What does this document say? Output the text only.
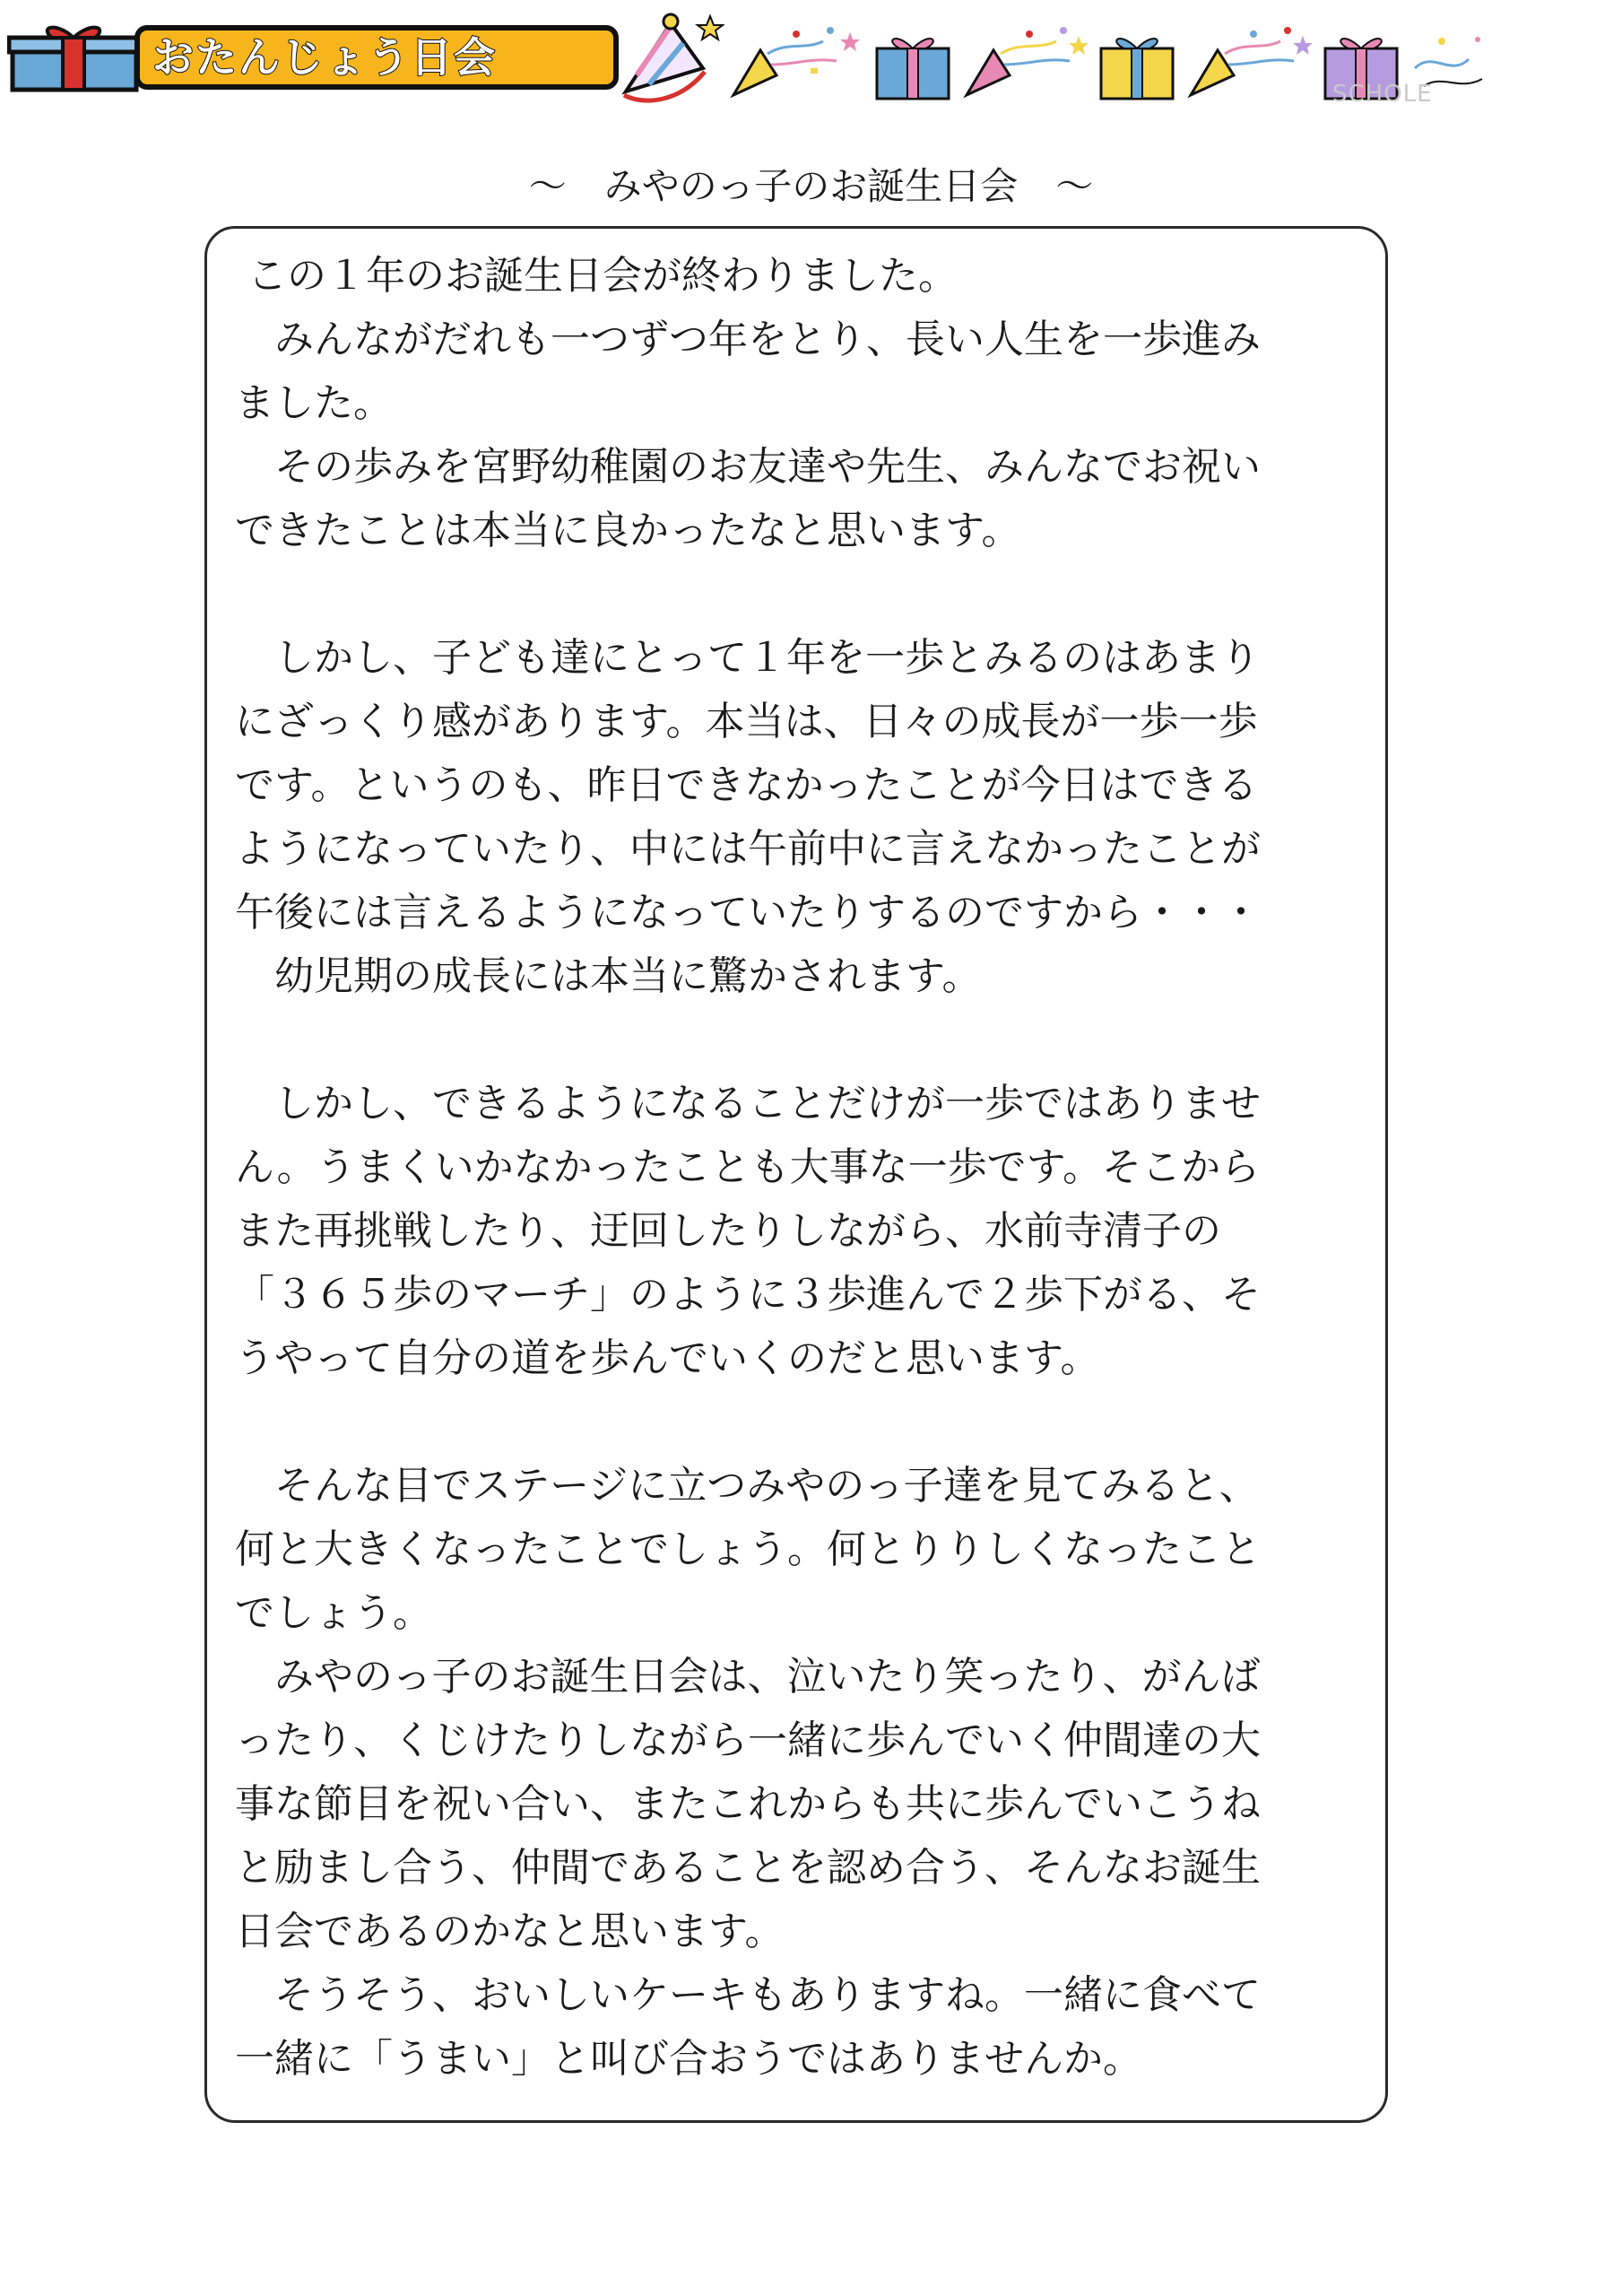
おたんじょう日会
SCHOLE
～　みやのっ子のお誕生日会　～
この１年のお誕生日会が終わりました。
　みんながだれも一つずつ年をとり、長い人生を一歩進み
ました。
　その歩みを宮野幼稚園のお友達や先生、みんなでお祝い
できたことは本当に良かったなと思います。
　しかし、子ども達にとって１年を一歩とみるのはあまり
にざっくり感があります。本当は、日々の成長が一歩一歩
です。というのも、昨日できなかったことが今日はできる
ようになっていたり、中には午前中に言えなかったことが
午後には言えるようになっていたりするのですから・・・
　幼児期の成長には本当に驚かされます。
　しかし、できるようになることだけが一歩ではありませ
ん。うまくいかなかったことも大事な一歩です。そこから
また再挑戦したり、迂回したりしながら、水前寺清子の
「３６５歩のマーチ」のように３歩進んで２歩下がる、そ
うやって自分の道を歩んでいくのだと思います。
　そんな目でステージに立つみやのっ子達を見てみると、
何と大きくなったことでしょう。何とりりしくなったこと
でしょう。
　みやのっ子のお誕生日会は、泣いたり笑ったり、がんば
ったり、くじけたりしながら一緒に歩んでいく仲間達の大
事な節目を祝い合い、またこれからも共に歩んでいこうね
と励まし合う、仲間であることを認め合う、そんなお誕生
日会であるのかなと思います。
　そうそう、おいしいケーキもありますね。一緒に食べて
一緒に「うまい」と叫び合おうではありませんか。
